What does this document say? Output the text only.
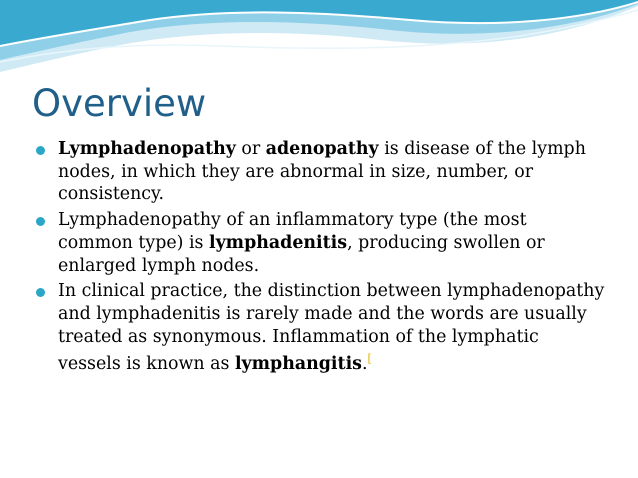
Overview
Lymphadenopathy or adenopathy is disease of the lymph nodes, in which they are abnormal in size, number, or consistency.
Lymphadenopathy of an inflammatory type (the most common type) is lymphadenitis, producing swollen or enlarged lymph nodes.
In clinical practice, the distinction between lymphadenopathy and lymphadenitis is rarely made and the words are usually treated as synonymous. Inflammation of the lymphatic vessels is known as lymphangitis.[
